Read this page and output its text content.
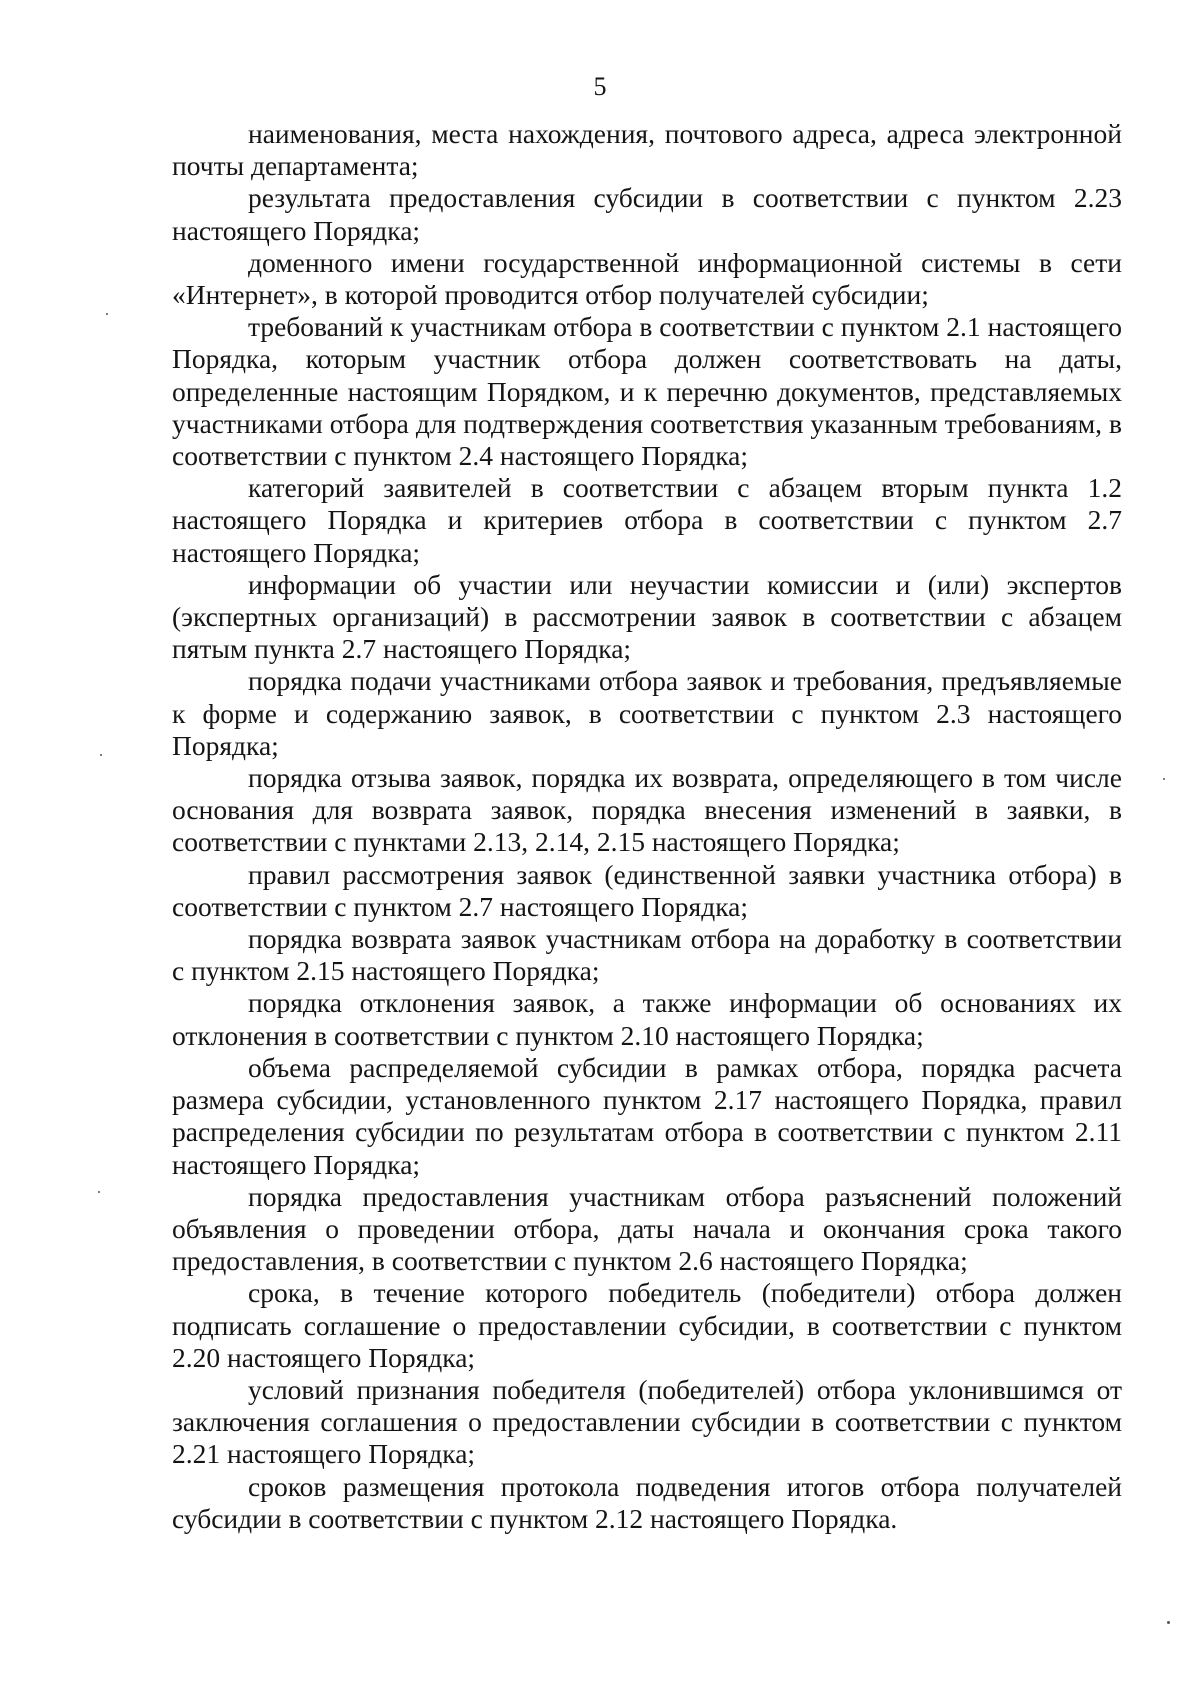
5

наименования, места нахождения, почтового адреса, адреса электронной почты департамента;

результата предоставления субсидии в соответствии с пунктом 2.23 настоящего Порядка;

доменного имени государственной информационной системы в сети «Интернет», в которой проводится отбор получателей субсидии;

требований к участникам отбора в соответствии с пунктом 2.1 настоящего Порядка, которым участник отбора должен соответствовать на даты, определенные настоящим Порядком, и к перечню документов, представляемых участниками отбора для подтверждения соответствия указанным требованиям, в соответствии с пунктом 2.4 настоящего Порядка;

категорий заявителей в соответствии с абзацем вторым пункта 1.2 настоящего Порядка и критериев отбора в соответствии с пунктом 2.7 настоящего Порядка;

информации об участии или неучастии комиссии и (или) экспертов (экспертных организаций) в рассмотрении заявок в соответствии с абзацем пятым пункта 2.7 настоящего Порядка;

порядка подачи участниками отбора заявок и требования, предъявляемые к форме и содержанию заявок, в соответствии с пунктом 2.3 настоящего Порядка;

порядка отзыва заявок, порядка их возврата, определяющего в том числе основания для возврата заявок, порядка внесения изменений в заявки, в соответствии с пунктами 2.13, 2.14, 2.15 настоящего Порядка;

правил рассмотрения заявок (единственной заявки участника отбора) в соответствии с пунктом 2.7 настоящего Порядка;

порядка возврата заявок участникам отбора на доработку в соответствии с пунктом 2.15 настоящего Порядка;

порядка отклонения заявок, а также информации об основаниях их отклонения в соответствии с пунктом 2.10 настоящего Порядка;

объема распределяемой субсидии в рамках отбора, порядка расчета размера субсидии, установленного пунктом 2.17 настоящего Порядка, правил распределения субсидии по результатам отбора в соответствии с пунктом 2.11 настоящего Порядка;

порядка предоставления участникам отбора разъяснений положений объявления о проведении отбора, даты начала и окончания срока такого предоставления, в соответствии с пунктом 2.6 настоящего Порядка;

срока, в течение которого победитель (победители) отбора должен подписать соглашение о предоставлении субсидии, в соответствии с пунктом 2.20 настоящего Порядка;

условий признания победителя (победителей) отбора уклонившимся от заключения соглашения о предоставлении субсидии в соответствии с пунктом 2.21 настоящего Порядка;

сроков размещения протокола подведения итогов отбора получателей субсидии в соответствии с пунктом 2.12 настоящего Порядка.
